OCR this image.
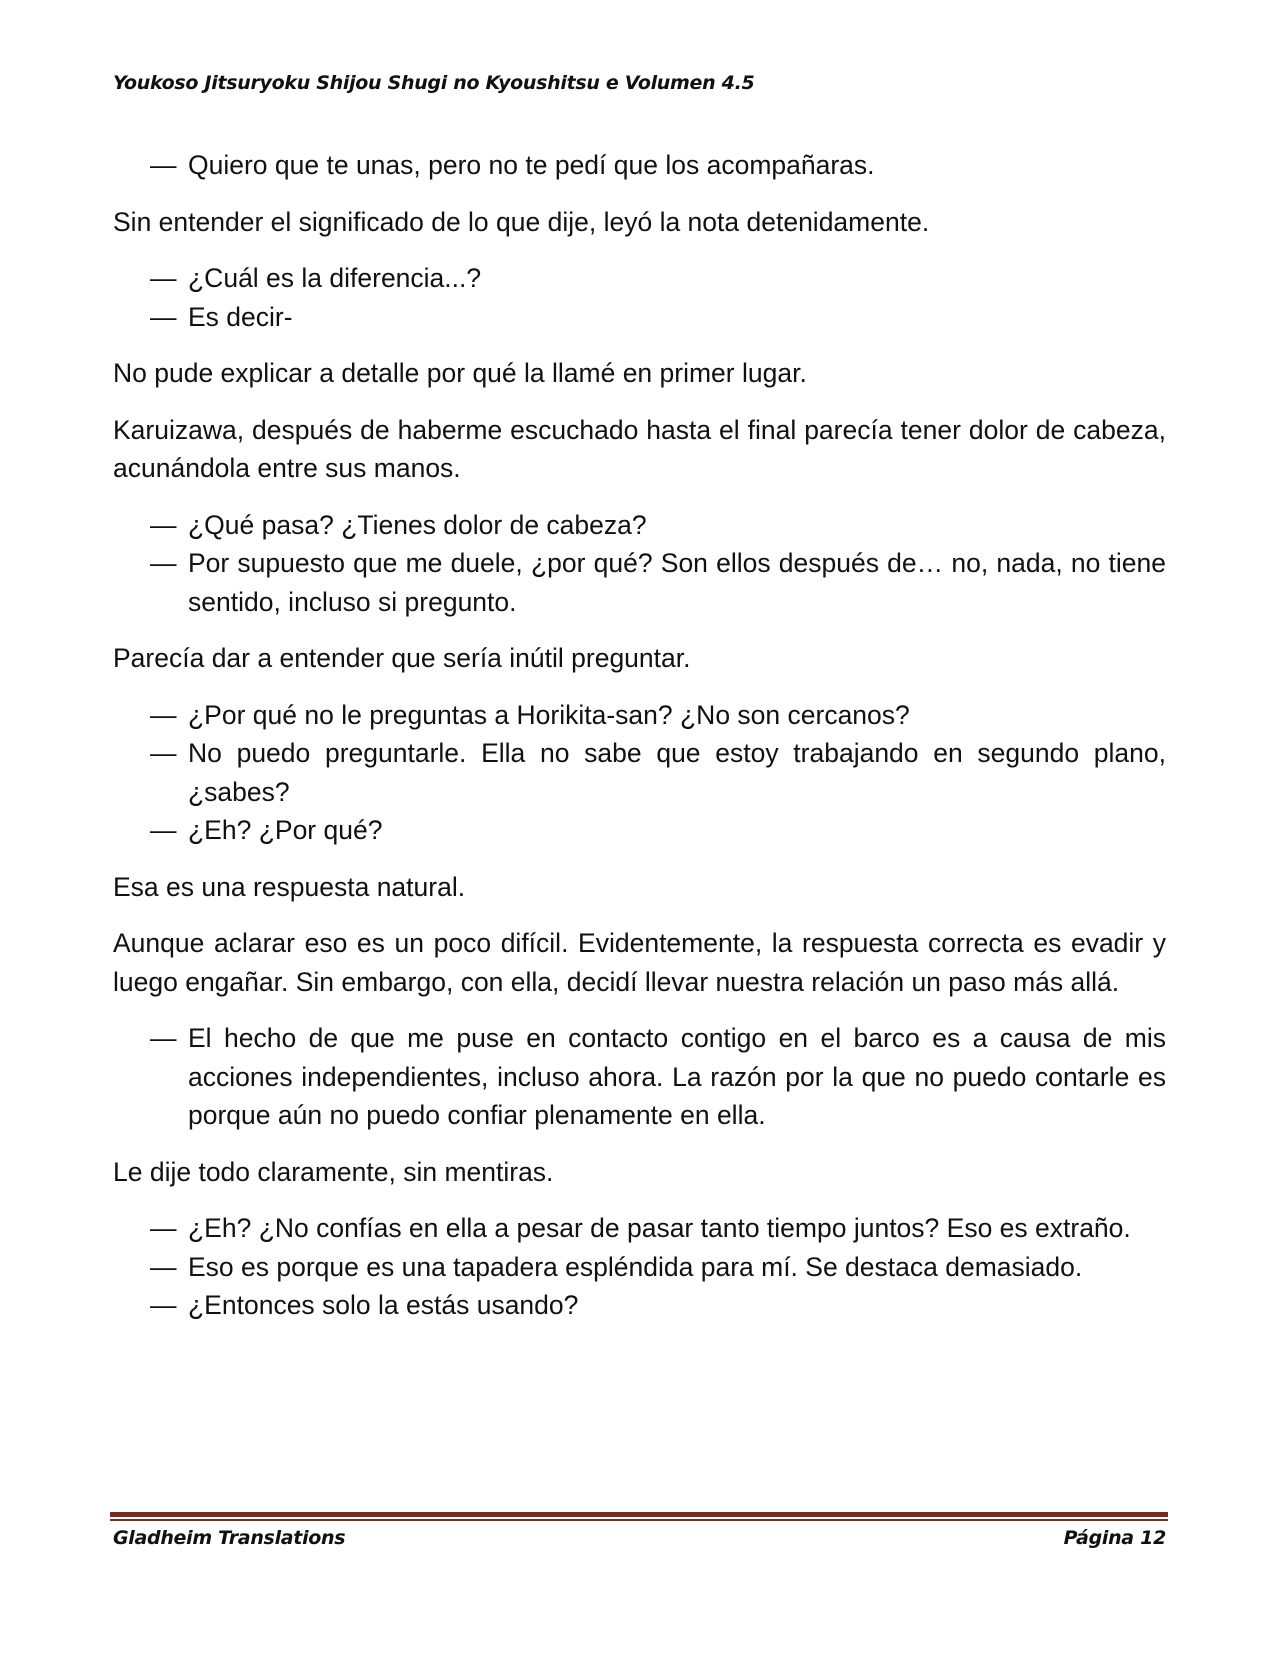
Youkoso Jitsuryoku Shijou Shugi no Kyoushitsu e Volumen 4.5
— Quiero que te unas, pero no te pedí que los acompañaras.

Sin entender el significado de lo que dije, leyó la nota detenidamente.

— ¿Cuál es la diferencia...?
— Es decir-

No pude explicar a detalle por qué la llamé en primer lugar.

Karuizawa, después de haberme escuchado hasta el final parecía tener dolor de cabeza, acunándola entre sus manos.

— ¿Qué pasa? ¿Tienes dolor de cabeza?
— Por supuesto que me duele, ¿por qué? Son ellos después de… no, nada, no tiene sentido, incluso si pregunto.

Parecía dar a entender que sería inútil preguntar.

— ¿Por qué no le preguntas a Horikita-san? ¿No son cercanos?
— No puedo preguntarle. Ella no sabe que estoy trabajando en segundo plano, ¿sabes?
— ¿Eh? ¿Por qué?

Esa es una respuesta natural.

Aunque aclarar eso es un poco difícil. Evidentemente, la respuesta correcta es evadir y luego engañar. Sin embargo, con ella, decidí llevar nuestra relación un paso más allá.

— El hecho de que me puse en contacto contigo en el barco es a causa de mis acciones independientes, incluso ahora. La razón por la que no puedo contarle es porque aún no puedo confiar plenamente en ella.

Le dije todo claramente, sin mentiras.

— ¿Eh? ¿No confías en ella a pesar de pasar tanto tiempo juntos? Eso es extraño.
— Eso es porque es una tapadera espléndida para mí. Se destaca demasiado.
— ¿Entonces solo la estás usando?
Gladheim Translations	Página 12
